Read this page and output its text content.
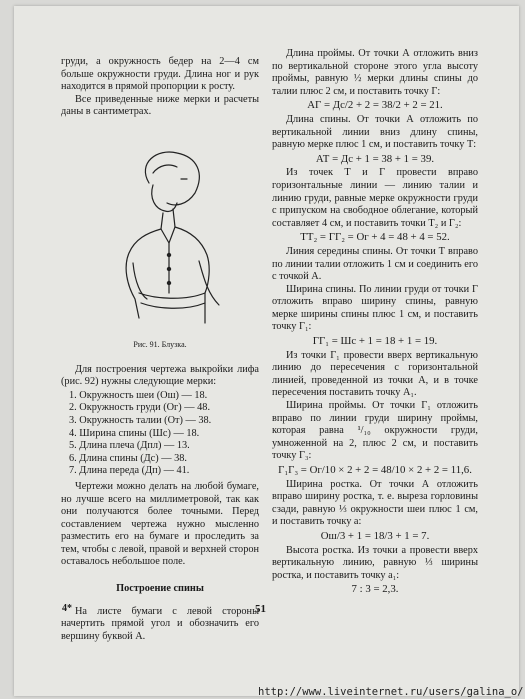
груди, а окружность бедер на 2—4 см больше окружности груди. Длина ног и рук находится в прямой пропорции к росту.

Все приведенные ниже мерки и расчеты даны в сантиметрах.

Рис. 91. Блузка.

Для построения чертежа выкройки лифа (рис. 92) нужны следующие мерки:

1. Окружность шеи (Ош) — 18.
2. Окружность груди (Ог) — 48.
3. Окружность талии (От) — 38.
4. Ширина спины (Шс) — 18.
5. Длина плеча (Дпл) — 13.
6. Длина спины (Дс) — 38.
7. Длина переда (Дп) — 41.

Чертежи можно делать на любой бумаге, но лучше всего на миллиметровой, так как они получаются более точными. Перед составлением чертежа нужно мысленно разместить его на бумаге и проследить за тем, чтобы с левой, правой и верхней сторон оставалось небольшое поле.

Построение спины

На листе бумаги с левой стороны начертить прямой угол и обозначить его вершину буквой А.

Длина проймы. От точки А отложить вниз по вертикальной стороне этого угла высоту проймы, равную ½ мерки длины спины до талии плюс 2 см, и поставить точку Г:

АГ = Дс/2 + 2 = 38/2 + 2 = 21.

Длина спины. От точки А отложить по вертикальной линии вниз длину спины, равную мерке плюс 1 см, и поставить точку Т:

АТ = Дс + 1 = 38 + 1 = 39.

Из точек Т и Г провести вправо горизонтальные линии — линию талии и линию груди, равные мерке окружности груди с припуском на свободное облегание, который составляет 4 см, и поставить точки Т₂ и Г₂:

ТТ₂ = ГГ₂ = Ог + 4 = 48 + 4 = 52.

Линия середины спины. От точки Т вправо по линии талии отложить 1 см и соединить его с точкой А.

Ширина спины. По линии груди от точки Г отложить вправо ширину спины, равную мерке ширины спины плюс 1 см, и поставить точку Г₁:

ГГ₁ = Шс + 1 = 18 + 1 = 19.

Из точки Г₁ провести вверх вертикальную линию до пересечения с горизонтальной линией, проведенной из точки А, и в точке пересечения поставить точку А₁.

Ширина проймы. От точки Г₁ отложить вправо по линии груди ширину проймы, которая равна ¹/₁₀ окружности груди, умноженной на 2, плюс 2 см, и поставить точку Г₃:

Г₁Г₃ = Ог/10 × 2 + 2 = 48/10 × 2 + 2 = 11,6.

Ширина ростка. От точки А отложить вправо ширину ростка, т. е. выреза горловины сзади, равную ⅓ окружности шеи плюс 1 см, и поставить точку а:

Ош/3 + 1 = 18/3 + 1 = 7.

Высота ростка. Из точки а провести вверх вертикальную линию, равную ⅓ ширины ростка, и поставить точку а₁:

7 : 3 = 2,3.
4*	51
http://www.liveinternet.ru/users/galina_o/
